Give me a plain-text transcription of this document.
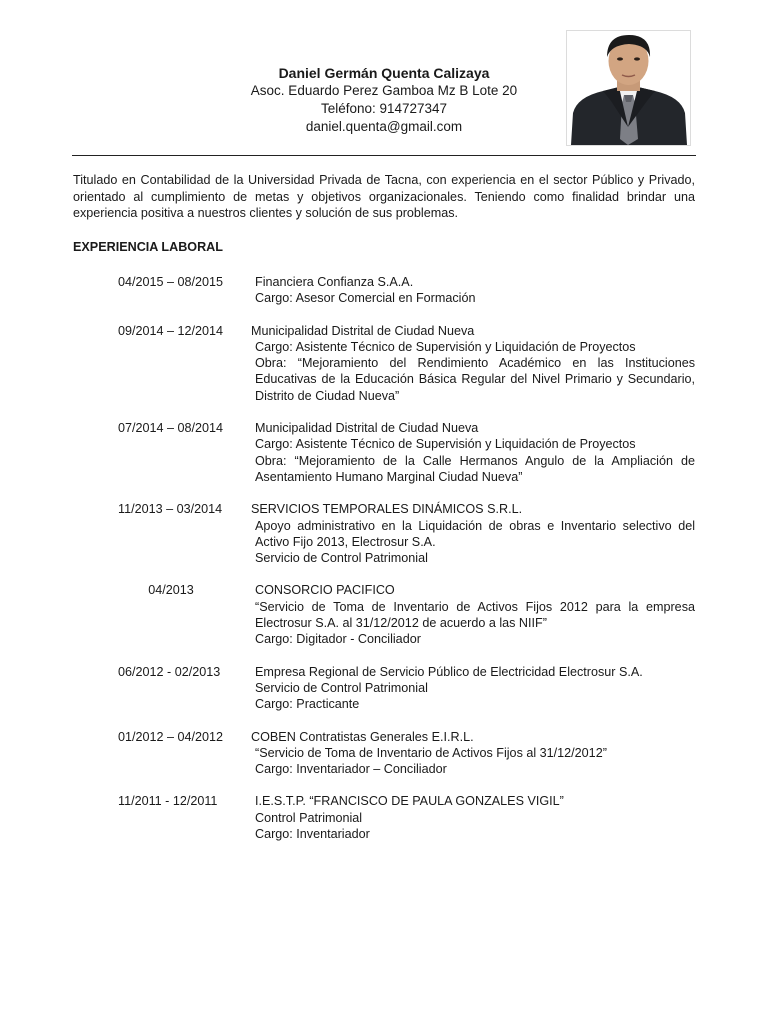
Daniel Germán Quenta Calizaya
Asoc. Eduardo Perez Gamboa Mz B Lote 20
Teléfono: 914727347
daniel.quenta@gmail.com
Titulado en Contabilidad de la Universidad Privada de Tacna, con experiencia en el sector Público y Privado, orientado al cumplimiento de metas y objetivos organizacionales. Teniendo como finalidad brindar una experiencia positiva a nuestros clientes y solución de sus problemas.
EXPERIENCIA LABORAL
04/2015 – 08/2015	Financiera Confianza S.A.A.

Cargo: Asesor Comercial en Formación

09/2014 – 12/2014	Municipalidad Distrital de Ciudad Nueva

Cargo: Asistente Técnico de Supervisión y Liquidación de Proyectos

Obra: “Mejoramiento del Rendimiento Académico en las Instituciones Educativas de la Educación Básica Regular del Nivel Primario y Secundario, Distrito de Ciudad Nueva”

07/2014 – 08/2014	Municipalidad Distrital de Ciudad Nueva

Cargo: Asistente Técnico de Supervisión y Liquidación de Proyectos

Obra: “Mejoramiento de la Calle Hermanos Angulo de la Ampliación de Asentamiento Humano Marginal Ciudad Nueva”

11/2013 – 03/2014	SERVICIOS TEMPORALES DINÁMICOS S.R.L.

Apoyo administrativo en la Liquidación de obras e Inventario selectivo del Activo Fijo 2013, Electrosur S.A.

Servicio de Control Patrimonial

04/2013	CONSORCIO PACIFICO

“Servicio de Toma de Inventario de Activos Fijos 2012 para la empresa Electrosur S.A. al 31/12/2012 de acuerdo a las NIIF”

Cargo: Digitador - Conciliador

06/2012 - 02/2013	Empresa Regional de Servicio Público de Electricidad Electrosur S.A.

Servicio de Control Patrimonial

Cargo: Practicante

01/2012 – 04/2012	COBEN Contratistas Generales E.I.R.L.

“Servicio de Toma de Inventario de Activos Fijos al 31/12/2012”

Cargo: Inventariador – Conciliador

11/2011 - 12/2011	I.E.S.T.P. “FRANCISCO DE PAULA GONZALES VIGIL”

Control Patrimonial

Cargo: Inventariador
